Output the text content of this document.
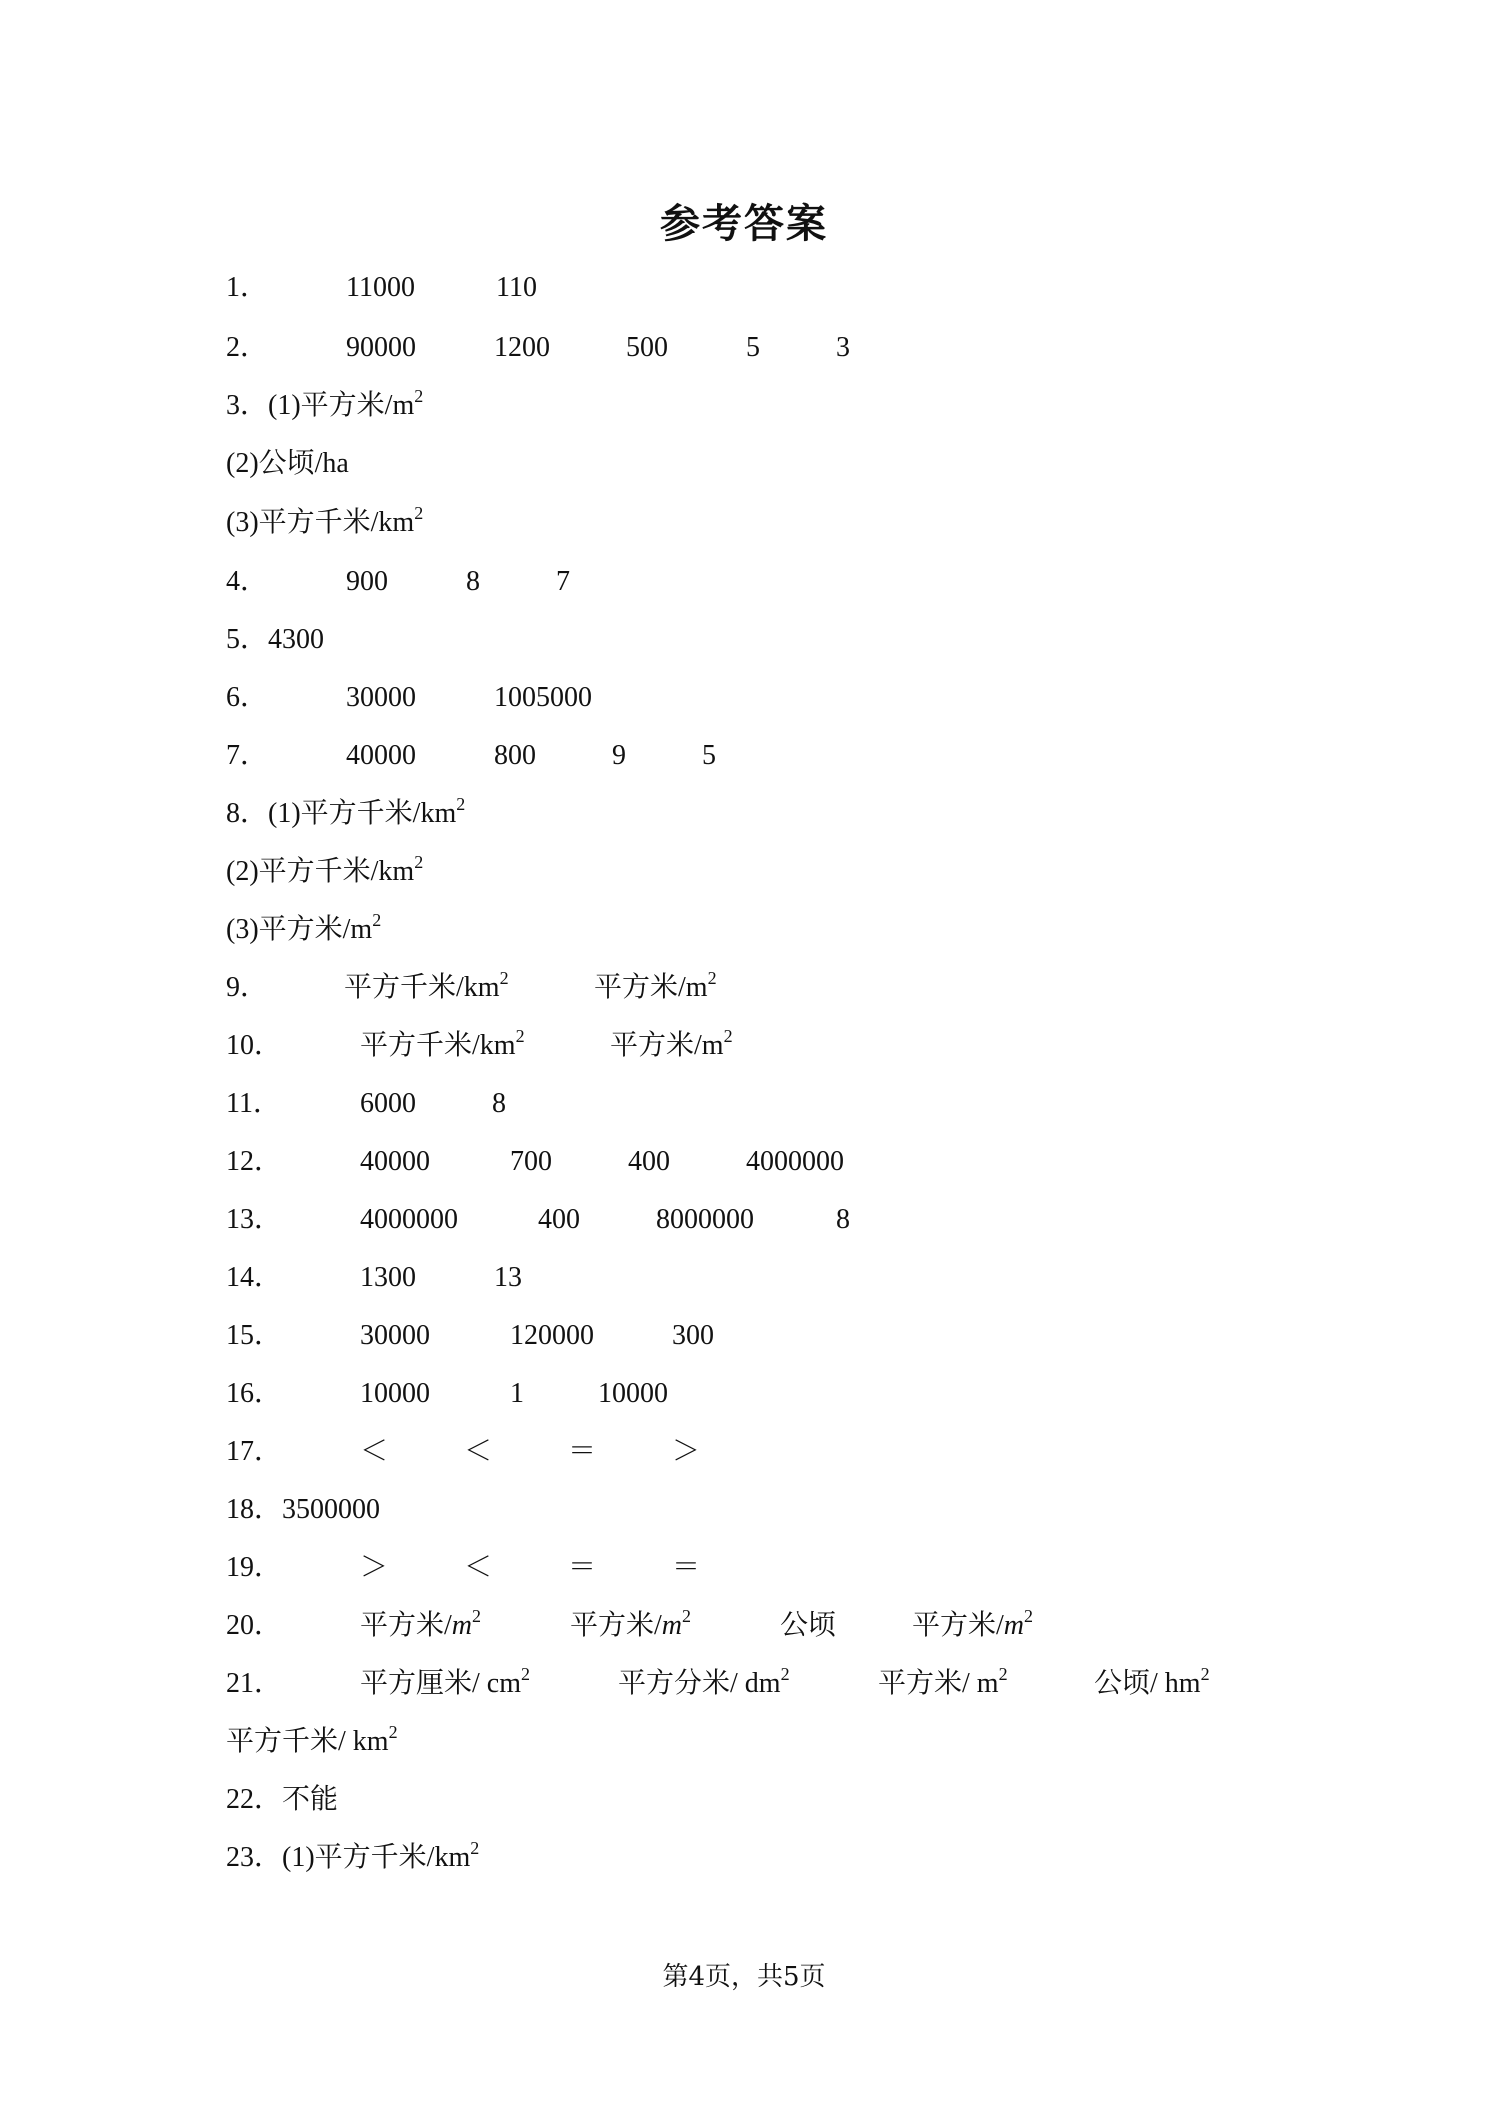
参考答案
1．	11000	110
2．	90000	1200	500	5	3
3．(1)平方米$/m^2$
(2)公顷/ha
(3)平方千米$/km^2$
4．	900	8	7
5．4300
6．	30000	1005000
7．	40000	800	9	5
8．(1)平方千米$/km^2$
(2)平方千米$/km^2$
(3)平方米$/m^2$
9．	平方千米$/km^2$	平方米$/m^2$
10．	平方千米$/km^2$	平方米$/m^2$
11．	6000	8
12．	40000	700	400	4000000
13．	4000000	400	8000000	8
14．	1300	13
15．	30000	120000	300
16．	10000	1	10000
17．	＜	＜	＝	＞
18．3500000
19．	＞	＜	＝	＝
20．	平方米$/m^2$	平方米$/m^2$	公顷	平方米$/m^2$
21．	平方厘米/ $cm^2$	平方分米/ $dm^2$	平方米/ $m^2$	公顷/ $hm^2$
平方千米/ $km^2$
22．不能
23．(1)平方千米$/km^2$
第4页，共5页
